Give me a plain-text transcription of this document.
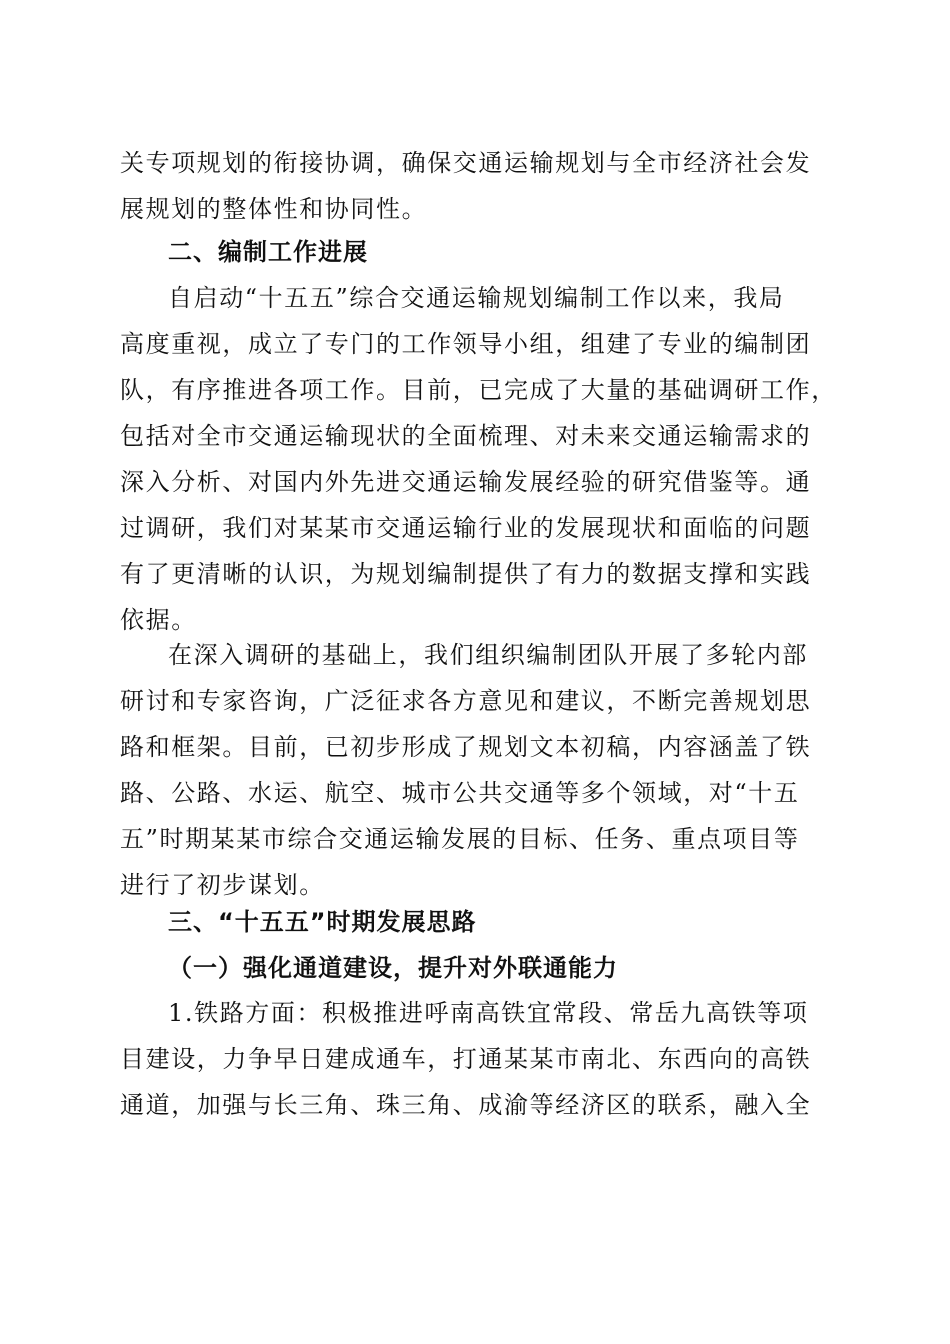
关专项规划的衔接协调，确保交通运输规划与全市经济社会发
展规划的整体性和协同性。
二、编制工作进展
自启动“十五五”综合交通运输规划编制工作以来，我局
高度重视，成立了专门的工作领导小组，组建了专业的编制团
队，有序推进各项工作。目前，已完成了大量的基础调研工作，
包括对全市交通运输现状的全面梳理、对未来交通运输需求的
深入分析、对国内外先进交通运输发展经验的研究借鉴等。通
过调研，我们对某某市交通运输行业的发展现状和面临的问题
有了更清晰的认识，为规划编制提供了有力的数据支撑和实践
依据。
在深入调研的基础上，我们组织编制团队开展了多轮内部
研讨和专家咨询，广泛征求各方意见和建议，不断完善规划思
路和框架。目前，已初步形成了规划文本初稿，内容涵盖了铁
路、公路、水运、航空、城市公共交通等多个领域，对“十五
五”时期某某市综合交通运输发展的目标、任务、重点项目等
进行了初步谋划。
三、“十五五”时期发展思路
（一）强化通道建设，提升对外联通能力
1.铁路方面：积极推进呼南高铁宜常段、常岳九高铁等项
目建设，力争早日建成通车，打通某某市南北、东西向的高铁
通道，加强与长三角、珠三角、成渝等经济区的联系，融入全
